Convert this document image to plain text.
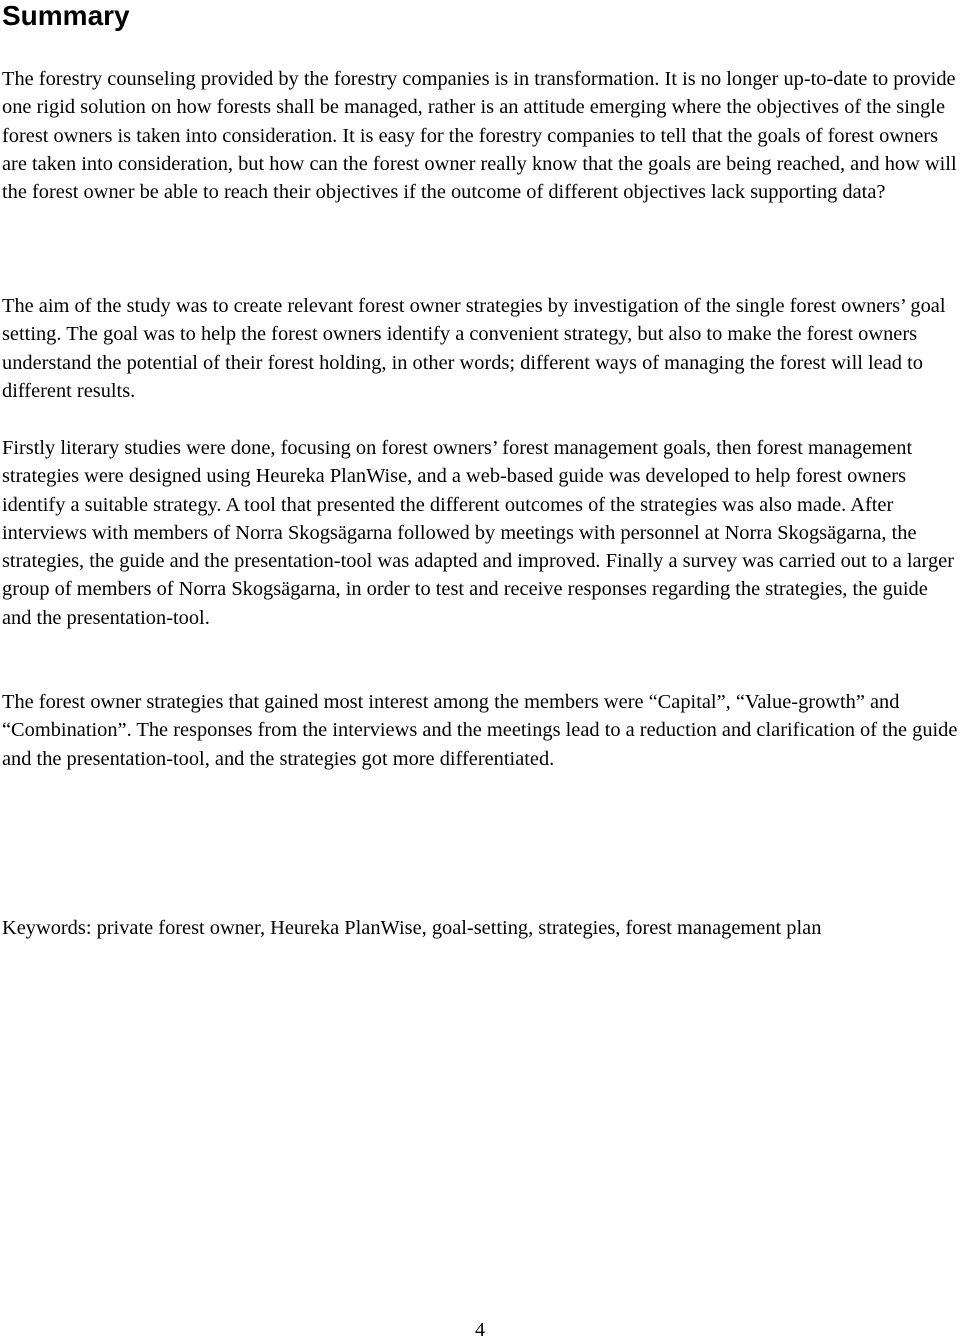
Summary

The forestry counseling provided by the forestry companies is in transformation. It is no longer up-to-date to provide one rigid solution on how forests shall be managed, rather is an attitude emerging where the objectives of the single forest owners is taken into consideration. It is easy for the forestry companies to tell that the goals of forest owners are taken into consideration, but how can the forest owner really know that the goals are being reached, and how will the forest owner be able to reach their objectives if the outcome of different objectives lack supporting data?

The aim of the study was to create relevant forest owner strategies by investigation of the single forest owners’ goal setting. The goal was to help the forest owners identify a convenient strategy, but also to make the forest owners understand the potential of their forest holding, in other words; different ways of managing the forest will lead to different results.

Firstly literary studies were done, focusing on forest owners’ forest management goals, then forest management strategies were designed using Heureka PlanWise, and a web-based guide was developed to help forest owners identify a suitable strategy. A tool that presented the different outcomes of the strategies was also made. After interviews with members of Norra Skogsägarna followed by meetings with personnel at Norra Skogsägarna, the strategies, the guide and the presentation-tool was adapted and improved. Finally a survey was carried out to a larger group of members of Norra Skogsägarna, in order to test and receive responses regarding the strategies, the guide and the presentation-tool.

The forest owner strategies that gained most interest among the members were “Capital”, “Value-growth” and “Combination”. The responses from the interviews and the meetings lead to a reduction and clarification of the guide and the presentation-tool, and the strategies got more differentiated.

Keywords: private forest owner, Heureka PlanWise, goal-setting, strategies, forest management plan

4
